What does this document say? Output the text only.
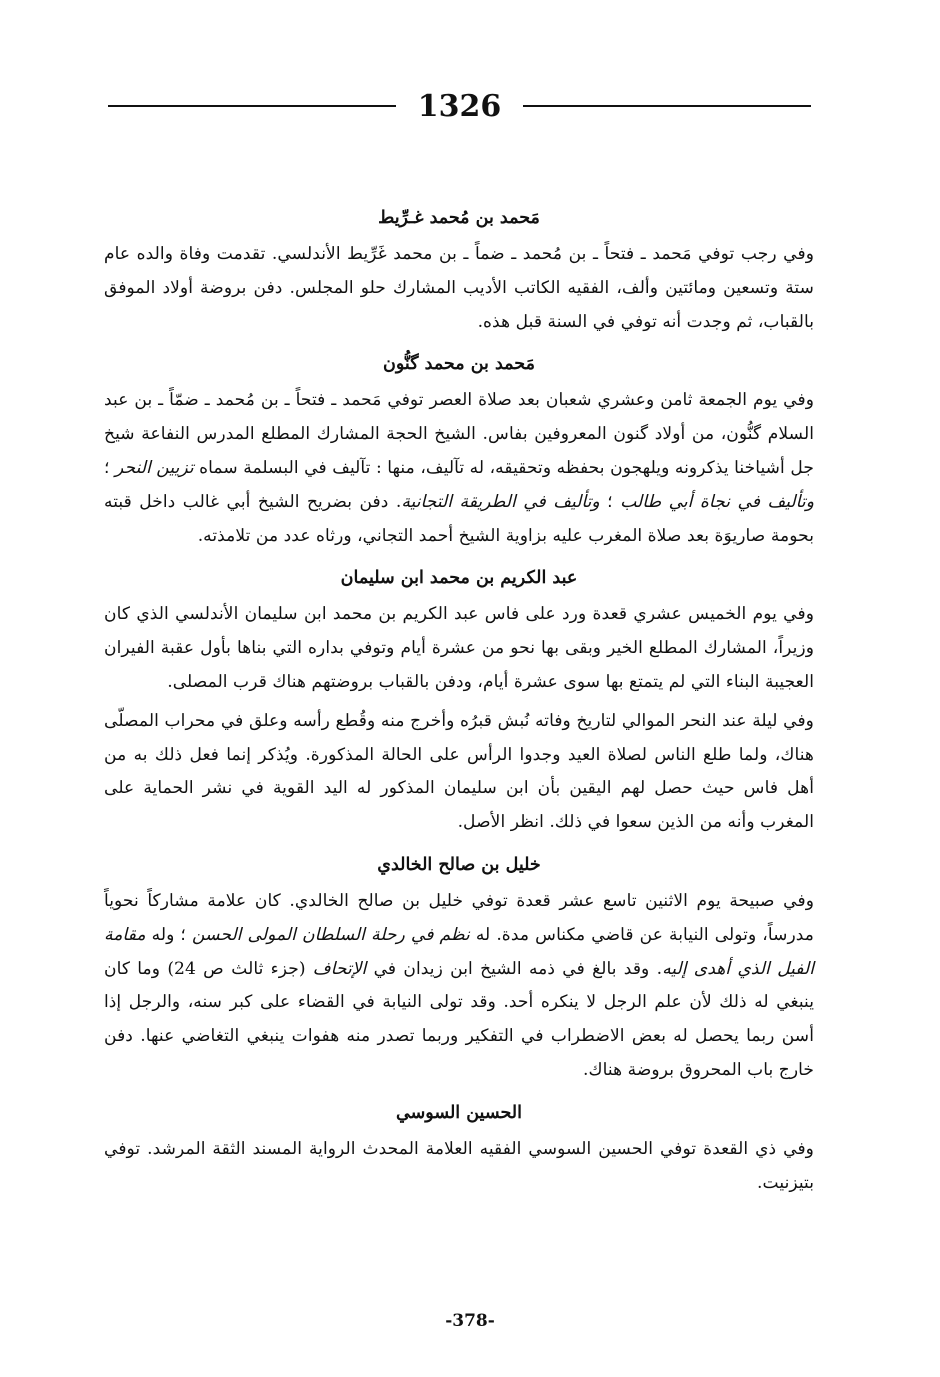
1326
مَحمد بن مُحمد غـرِّيط

وفي رجب توفي مَحمد ـ فتحاً ـ بن مُحمد ـ ضماً ـ بن محمد غَرِّيط الأندلسي. تقدمت وفاة والده عام ستة وتسعين ومائتين وألف، الفقيه الكاتب الأديب المشارك حلو المجلس. دفن بروضة أولاد الموفق بالقباب، ثم وجدت أنه توفي في السنة قبل هذه.

مَحمد بن محمد گنُّون

وفي يوم الجمعة ثامن وعشري شعبان بعد صلاة العصر توفي مَحمد ـ فتحاً ـ بن مُحمد ـ ضمّاً ـ بن عبد السلام گنُّون، من أولاد گنون المعروفين بفاس. الشيخ الحجة المشارك المطلع المدرس النفاعة شيخ جل أشياخنا يذكرونه ويلهجون بحفظه وتحقيقه، له تآليف، منها : تآليف في البسلمة سماه تزيين النحر ؛ وتأليف في نجاة أبي طالب ؛ وتأليف في الطريقة التجانية. دفن بضريح الشيخ أبي غالب داخل قبته بحومة صاريوَة بعد صلاة المغرب عليه بزاوية الشيخ أحمد التجاني، ورثاه عدد من تلامذته.

عبد الكريم بن محمد ابن سليمان

وفي يوم الخميس عشري قعدة ورد على فاس عبد الكريم بن محمد ابن سليمان الأندلسي الذي كان وزيراً، المشارك المطلع الخير وبقى بها نحو من عشرة أيام وتوفي بداره التي بناها بأول عقبة الفيران العجيبة البناء التي لم يتمتع بها سوى عشرة أيام، ودفن بالقباب بروضتهم هناك قرب المصلى.

وفي ليلة عند النحر الموالي لتاريخ وفاته نُبش قبرُه وأخرج منه وقُطع رأسه وعلق في محراب المصلّى هناك، ولما طلع الناس لصلاة العيد وجدوا الرأس على الحالة المذكورة. ويُذكر إنما فعل ذلك به من أهل فاس حيث حصل لهم اليقين بأن ابن سليمان المذكور له اليد القوية في نشر الحماية على المغرب وأنه من الذين سعوا في ذلك. انظر الأصل.

خليل بن صالح الخالدي

وفي صبيحة يوم الاثنين تاسع عشر قعدة توفي خليل بن صالح الخالدي. كان علامة مشاركاً نحوياً مدرساً، وتولى النيابة عن قاضي مكناس مدة. له نظم في رحلة السلطان المولى الحسن ؛ وله مقامة الفيل الذي أهدى إليه. وقد بالغ في ذمه الشيخ ابن زيدان في الإتحاف (جزء ثالث ص 24) وما كان ينبغي له ذلك لأن علم الرجل لا ينكره أحد. وقد تولى النيابة في القضاء على كبر سنه، والرجل إذا أسن ربما يحصل له بعض الاضطراب في التفكير وربما تصدر منه هفوات ينبغي التغاضي عنها. دفن خارج باب المحروق بروضة هناك.

الحسين السوسي

وفي ذي القعدة توفي الحسين السوسي الفقيه العلامة المحدث الرواية المسند الثقة المرشد. توفي بتيزنيت.

-378-
